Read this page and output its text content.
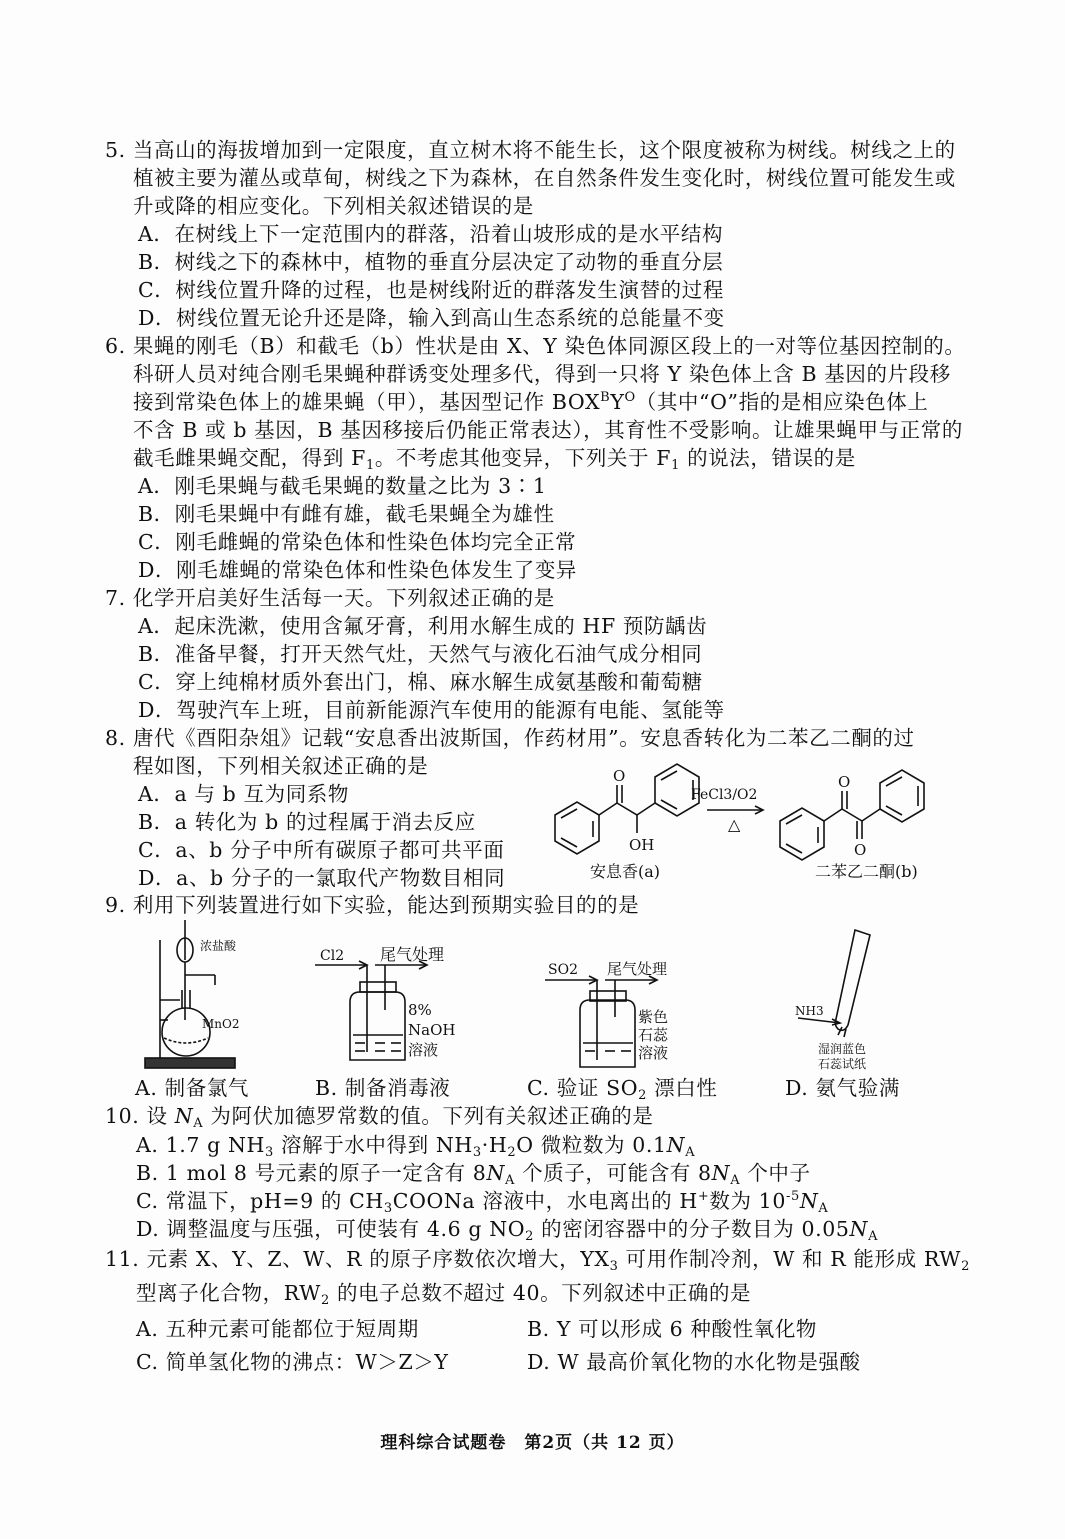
5. 当高山的海拔增加到一定限度，直立树木将不能生长，这个限度被称为树线。树线之上的
植被主要为灌丛或草甸，树线之下为森林，在自然条件发生变化时，树线位置可能发生或
升或降的相应变化。下列相关叙述错误的是
A．在树线上下一定范围内的群落，沿着山坡形成的是水平结构
B．树线之下的森林中，植物的垂直分层决定了动物的垂直分层
C．树线位置升降的过程，也是树线附近的群落发生演替的过程
D．树线位置无论升还是降，输入到高山生态系统的总能量不变
6. 果蝇的刚毛（B）和截毛（b）性状是由 X、Y 染色体同源区段上的一对等位基因控制的。
科研人员对纯合刚毛果蝇种群诱变处理多代，得到一只将 Y 染色体上含 B 基因的片段移
接到常染色体上的雄果蝇（甲），基因型记作 $BOX^BY^O$（其中“O”指的是相应染色体上
不含 B 或 b 基因，B 基因移接后仍能正常表达），其育性不受影响。让雄果蝇甲与正常的
截毛雌果蝇交配，得到 $F_1$。不考虑其他变异，下列关于 $F_1$ 的说法，错误的是
A．刚毛果蝇与截毛果蝇的数量之比为 3∶1
B．刚毛果蝇中有雌有雄，截毛果蝇全为雄性
C．刚毛雌蝇的常染色体和性染色体均完全正常
D．刚毛雄蝇的常染色体和性染色体发生了变异
7. 化学开启美好生活每一天。下列叙述正确的是
A．起床洗漱，使用含氟牙膏，利用水解生成的 HF 预防龋齿
B．准备早餐，打开天然气灶，天然气与液化石油气成分相同
C．穿上纯棉材质外套出门，棉、麻水解生成氨基酸和葡萄糖
D．驾驶汽车上班，目前新能源汽车使用的能源有电能、氢能等
8. 唐代《酉阳杂俎》记载“安息香出波斯国，作药材用”。安息香转化为二苯乙二酮的过
程如图，下列相关叙述正确的是
A．a 与 b 互为同系物
B．a 转化为 b 的过程属于消去反应
C．a、b 分子中所有碳原子都可共平面
D．a、b 分子的一氯取代产物数目相同
O
OH
FeCl3/O2
△
O
O
安息香(a)	二苯乙二酮(b)
9. 利用下列装置进行如下实验，能达到预期实验目的的是
浓盐酸
MnO2
Cl2 尾气处理
8%
NaOH
溶液
SO2 尾气处理
紫色
石蕊
溶液
NH3
湿润蓝色
石蕊试纸
A. 制备氯气	B. 制备消毒液	C. 验证 $SO_2$ 漂白性	D. 氨气验满
10. 设 $N_A$ 为阿伏加德罗常数的值。下列有关叙述正确的是
A. 1.7 g $NH_3$ 溶解于水中得到 $NH_3\cdot H_2O$ 微粒数为 $0.1N_A$
B. 1 mol 8 号元素的原子一定含有 $8N_A$ 个质子，可能含有 $8N_A$ 个中子
C. 常温下，pH=9 的 $CH_3COONa$ 溶液中，水电离出的 H+数为 $10^{-5}N_A$
D. 调整温度与压强，可使装有 4.6 g $NO_2$ 的密闭容器中的分子数目为 $0.05N_A$
11. 元素 X、Y、Z、W、R 的原子序数依次增大，$YX_3$ 可用作制冷剂，W 和 R 能形成 $RW_2$
型离子化合物，$RW_2$ 的电子总数不超过 40。下列叙述中正确的是
A. 五种元素可能都位于短周期	B. Y 可以形成 6 种酸性氧化物
C. 简单氢化物的沸点：W＞Z＞Y	D. W 最高价氧化物的水化物是强酸
理科综合试题卷　第2页（共 12 页）
